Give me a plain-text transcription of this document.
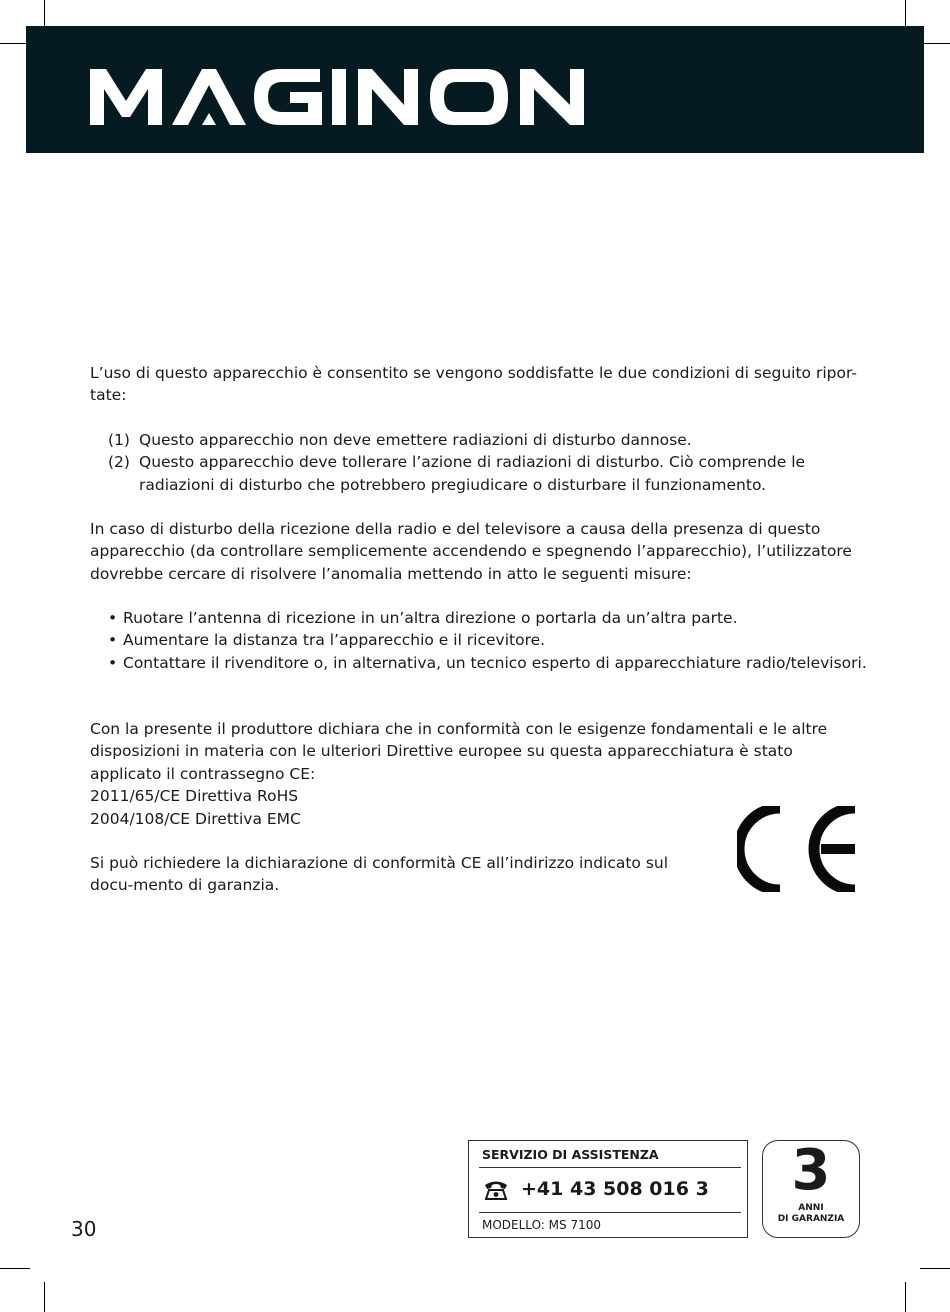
L’uso di questo apparecchio è consentito se vengono soddisfatte le due condizioni di seguito ripor-tate:

(1) Questo apparecchio non deve emettere radiazioni di disturbo dannose.
(2) Questo apparecchio deve tollerare l’azione di radiazioni di disturbo. Ciò comprende le radiazioni di disturbo che potrebbero pregiudicare o disturbare il funzionamento.

In caso di disturbo della ricezione della radio e del televisore a causa della presenza di questo apparecchio (da controllare semplicemente accendendo e spegnendo l’apparecchio), l’utilizzatore dovrebbe cercare di risolvere l’anomalia mettendo in atto le seguenti misure:

• Ruotare l’antenna di ricezione in un’altra direzione o portarla da un’altra parte.
• Aumentare la distanza tra l’apparecchio e il ricevitore.
• Contattare il rivenditore o, in alternativa, un tecnico esperto di apparecchiature radio/televisori.

Con la presente il produttore dichiara che in conformità con le esigenze fondamentali e le altre disposizioni in materia con le ulteriori Direttive europee su questa apparecchiatura è stato applicato il contrassegno CE:

2011/65/CE Direttiva RoHS

2004/108/CE Direttiva EMC

Si può richiedere la dichiarazione di conformità CE all’indirizzo indicato sul docu-mento di garanzia.

30
SERVIZIO DI ASSISTENZA
+41 43 508 016 3
MODELLO: MS 7100
3
ANNI
DI GARANZIA
